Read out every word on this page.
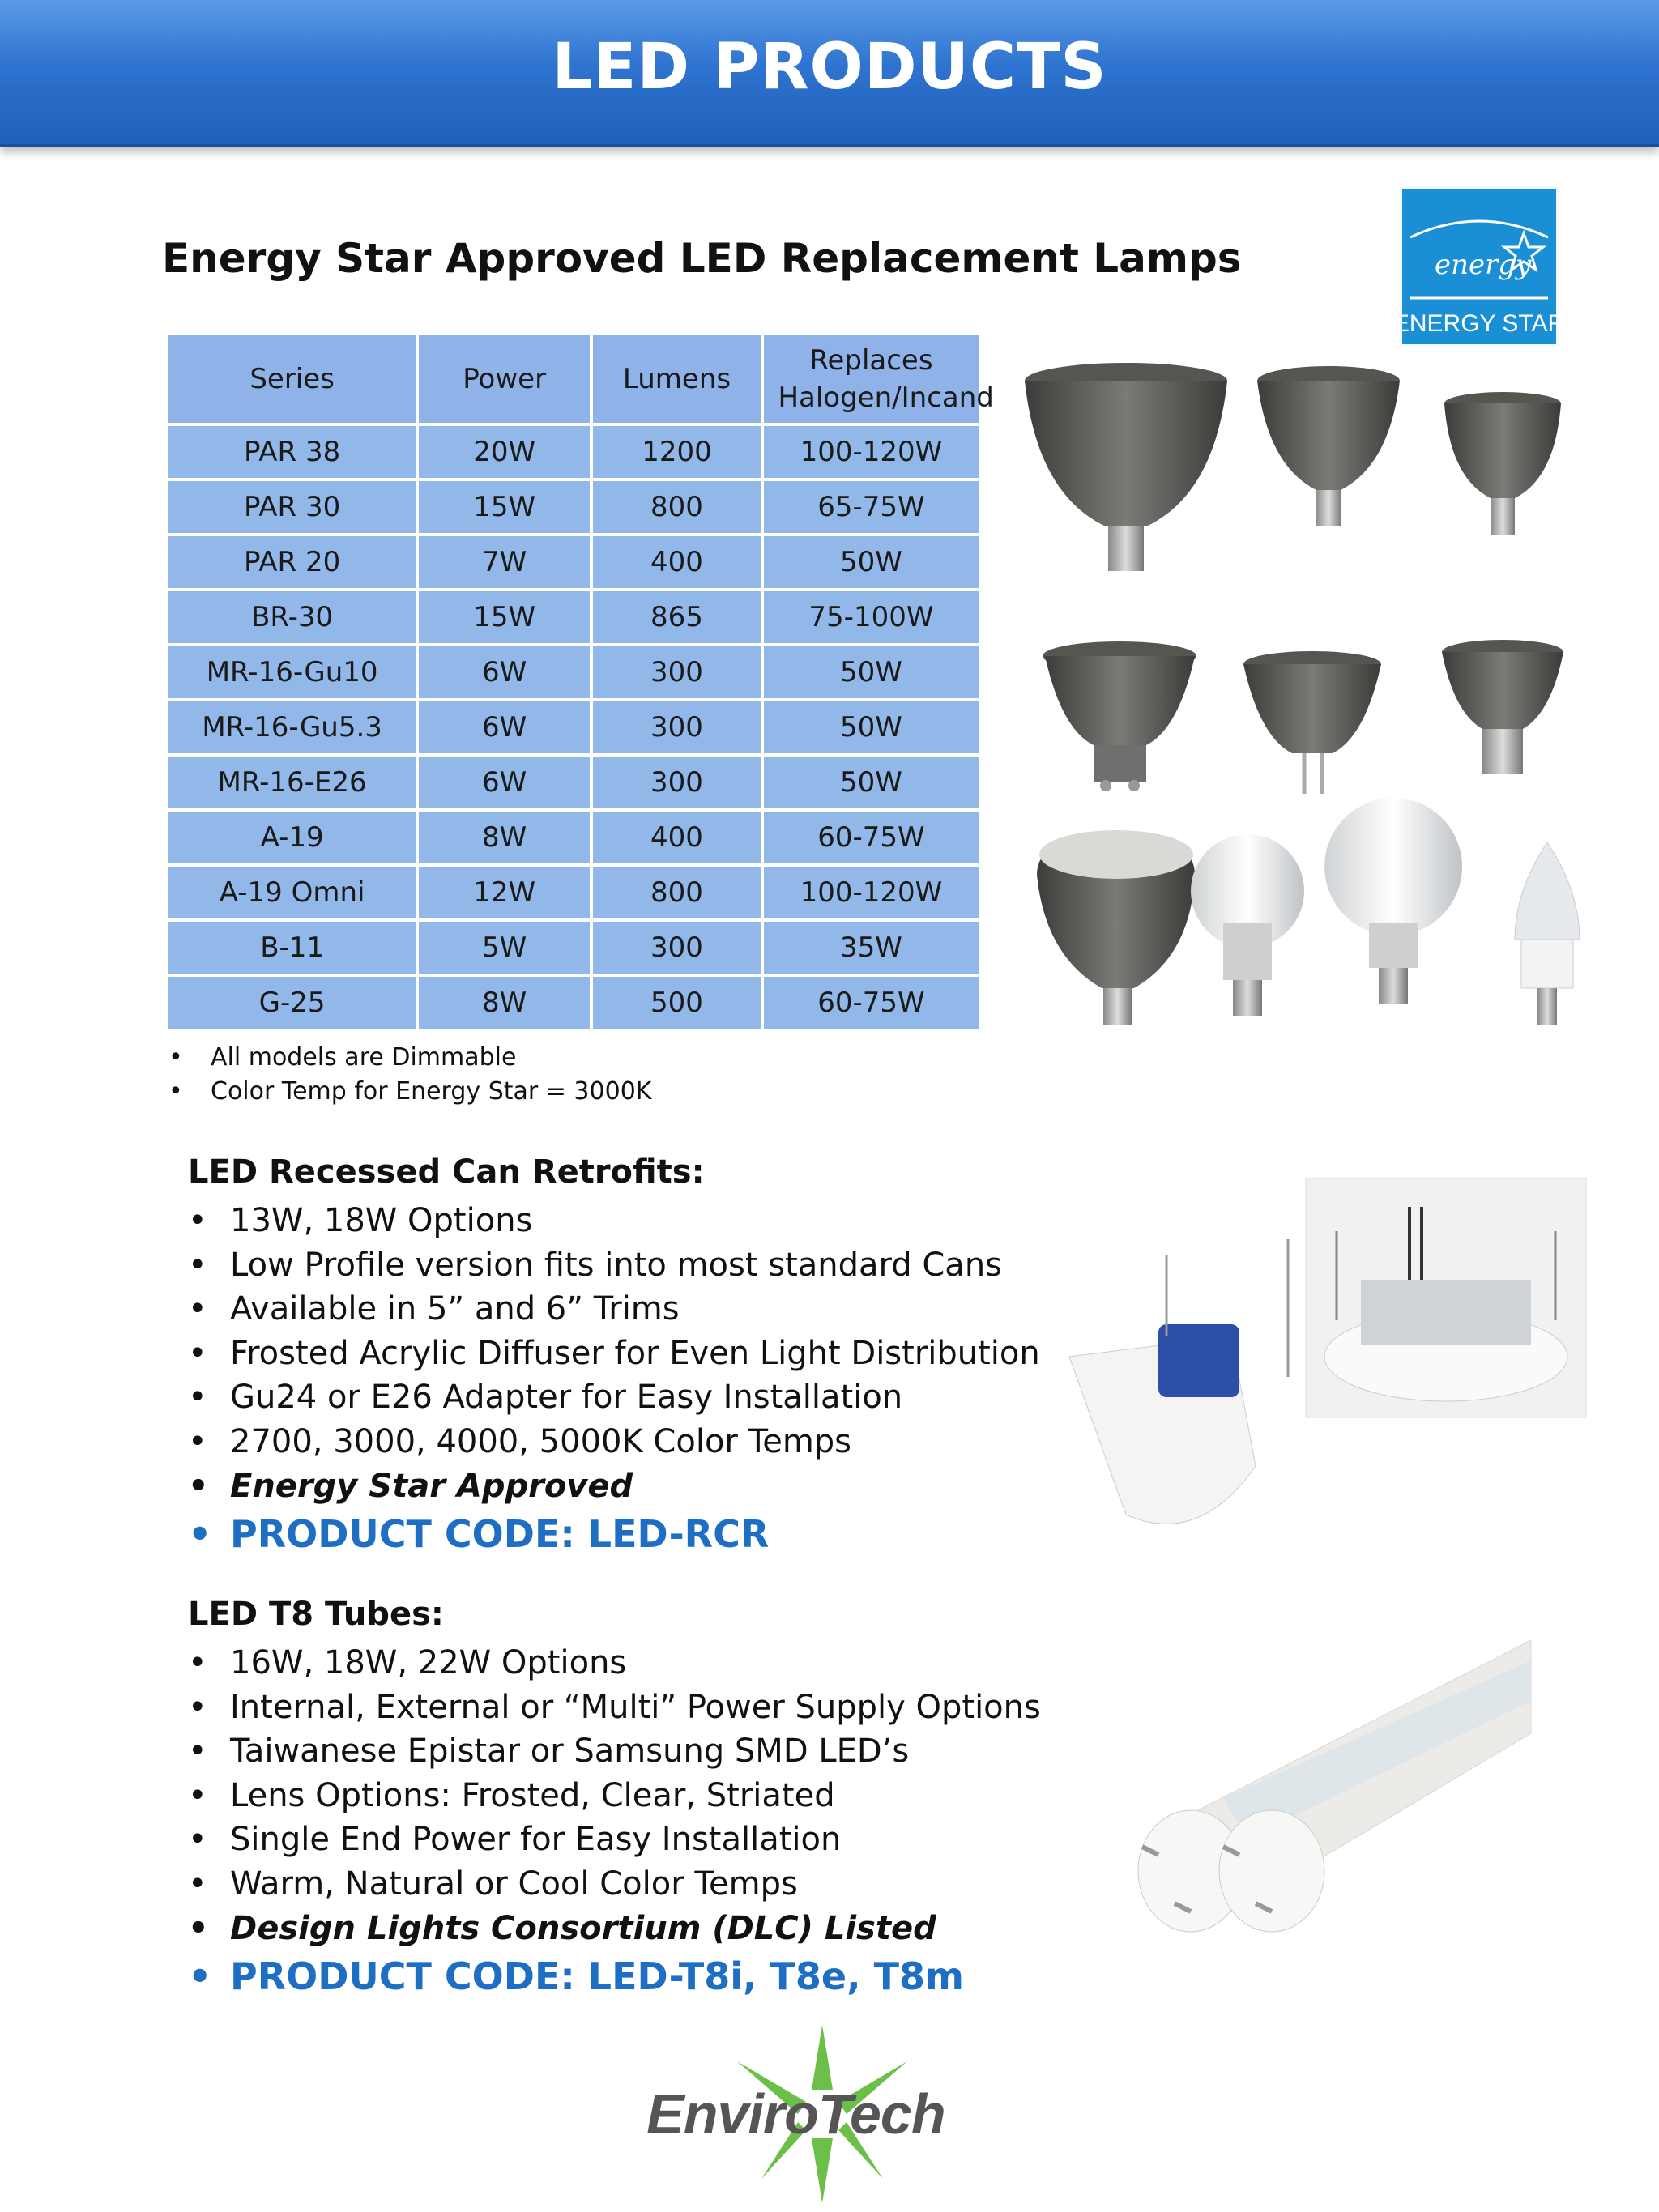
LED PRODUCTS
Energy Star Approved LED Replacement Lamps	energy
ENERGY STAR
Series	Power	Lumens	Replaces Halogen/Incand
PAR 38	20W	1200	100-120W
PAR 30	15W	800	65-75W
PAR 20	7W	400	50W
BR-30	15W	865	75-100W
MR-16-Gu10	6W	300	50W
MR-16-Gu5.3	6W	300	50W
MR-16-E26	6W	300	50W
A-19	8W	400	60-75W
A-19 Omni	12W	800	100-120W
B-11	5W	300	35W
G-25	8W	500	60-75W
• All models are Dimmable
• Color Temp for Energy Star = 3000K
LED Recessed Can Retrofits:
• 13W, 18W Options
• Low Profile version fits into most standard Cans
• Available in 5” and 6” Trims
• Frosted Acrylic Diffuser for Even Light Distribution
• Gu24 or E26 Adapter for Easy Installation
• 2700, 3000, 4000, 5000K Color Temps
• Energy Star Approved
• PRODUCT CODE: LED-RCR
LED T8 Tubes:
• 16W, 18W, 22W Options
• Internal, External or “Multi” Power Supply Options
• Taiwanese Epistar or Samsung SMD LED’s
• Lens Options: Frosted, Clear, Striated
• Single End Power for Easy Installation
• Warm, Natural or Cool Color Temps
• Design Lights Consortium (DLC) Listed
• PRODUCT CODE: LED-T8i, T8e, T8m
EnviroTech
